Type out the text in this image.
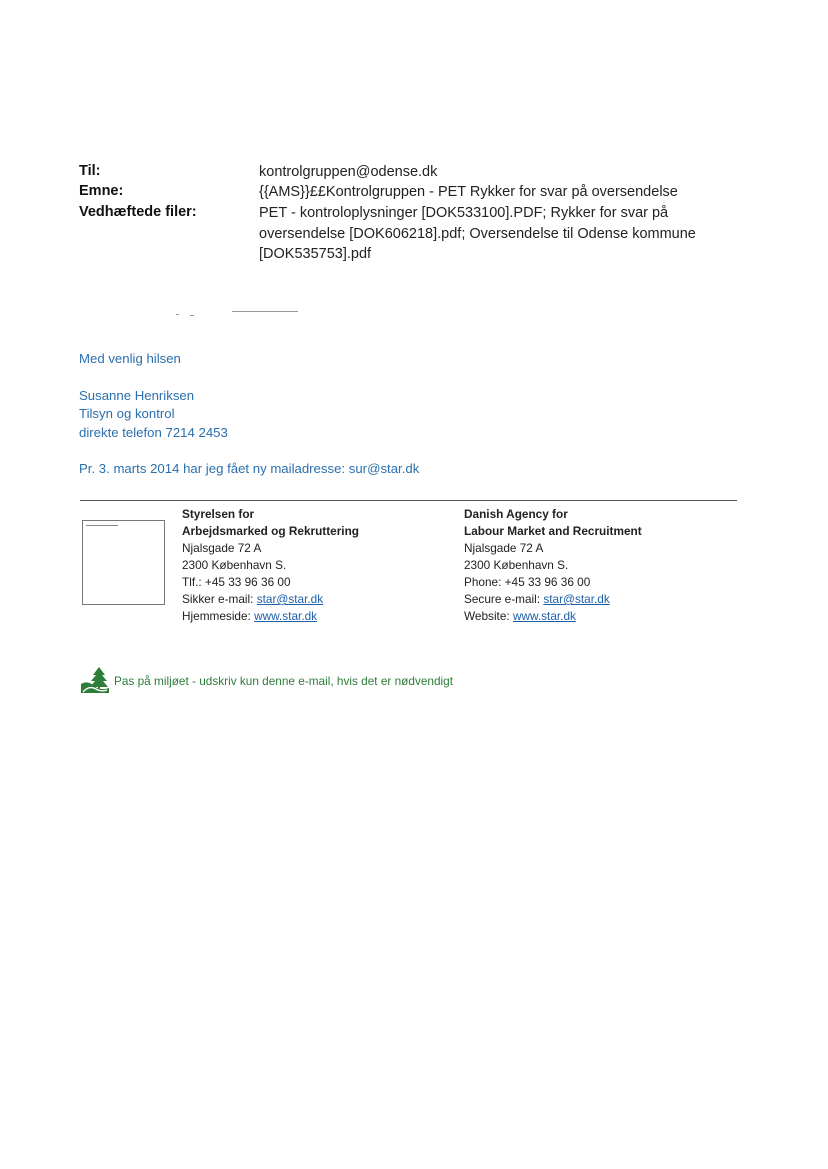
Til:	kontrolgruppen@odense.dk
Emne:	{{AMS}}££Kontrolgruppen - PET Rykker for svar på oversendelse
Vedhæftede filer:	PET - kontroloplysninger [DOK533100].PDF; Rykker for svar på
oversendelse [DOK606218].pdf; Oversendelse til Odense kommune
[DOK535753].pdf
Med venlig hilsen
Susanne Henriksen
Tilsyn og kontrol
direkte telefon 7214 2453
Pr. 3. marts 2014 har jeg fået ny mailadresse: sur@star.dk
Styrelsen for
Arbejdsmarked og Rekruttering
Njalsgade 72 A
2300 København S.
Tlf.: +45 33 96 36 00
Sikker e-mail: star@star.dk
Hjemmeside: www.star.dk
Danish Agency for
Labour Market and Recruitment
Njalsgade 72 A
2300 København S.
Phone: +45 33 96 36 00
Secure e-mail: star@star.dk
Website: www.star.dk
Pas på miljøet - udskriv kun denne e-mail, hvis det er nødvendigt
